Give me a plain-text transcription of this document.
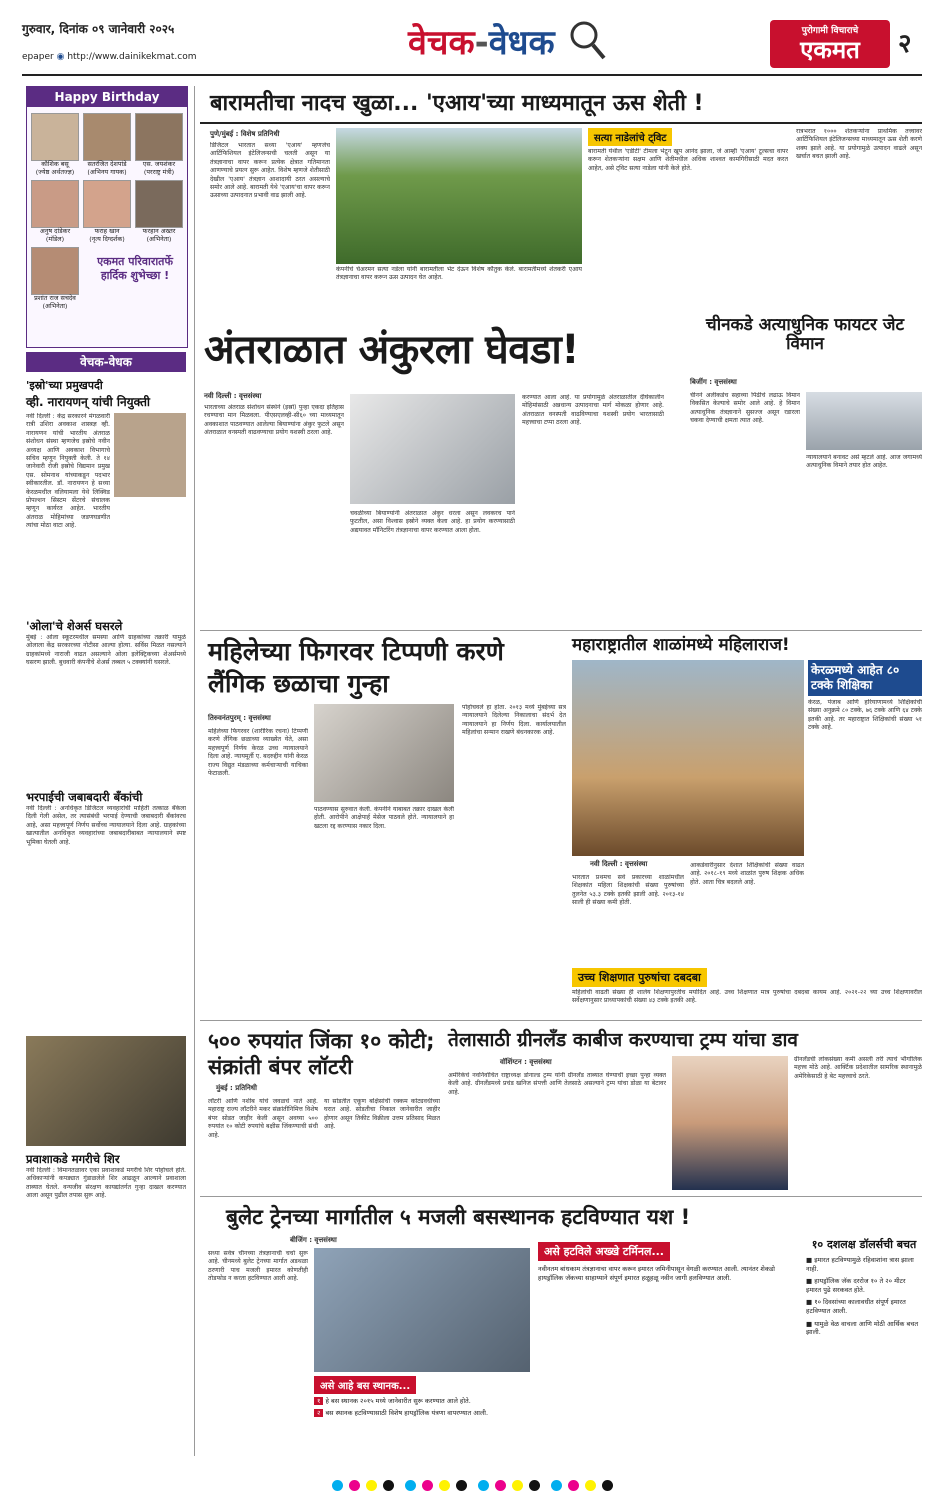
गुरुवार, दिनांक ०९ जानेवारी २०२५
epaper ◉ http://www.dainikekmat.com	वेचक-वेधक	पुरोगामी विचाराचे
एकमत	२
Happy Birthday
कौशिक बसू
(ज्येष्ठ अर्थतज्ज्ञ)
सतरंजित देशपांडे
(अभिनय गायक)
एस. जयशंकर
(परराष्ट्र मंत्री)
अनुष दांडेकर
(मॉडेल)
फराह खान
(नृत्य दिग्दर्शक)
फरहान अख्तर
(अभिनेता)
प्रशांत राज सचदेव
(अभिनेता)
एकमत परिवारातर्फे हार्दिक शुभेच्छा !
वेचक-वेधक
'इस्रो'च्या प्रमुखपदी
व्ही. नारायणन् यांची नियुक्ती
नवी दिल्ली : केंद्र सरकारने मंगळवारी रात्री उशिरा अवकाश शास्त्रज्ञ व्ही. नारायणन यांची भारतीय अंतराळ संशोधन संस्था म्हणजेच इस्रोचे नवीन अध्यक्ष आणि अवकाश विभागाचे सचिव म्हणून नियुक्ती केली. ते १४ जानेवारी रोजी इस्रोचे विद्यमान प्रमुख एस. सोमनाथ यांच्याकडून पदभार स्वीकारतील. डॉ. नारायणन हे सध्या केरळमधील वलियामला येथे लिक्विड प्रोपल्शन सिस्टम सेंटरचे संचालक म्हणून कार्यरत आहेत. भारतीय अंतराळ मोहिमांच्या जडणघडणीत त्यांचा मोठा वाटा आहे.
'ओला'चे शेअर्स घसरले
मुंबई : ओला स्कूटरमधील समस्या आणि ग्राहकांच्या तक्रारी यामुळे ओलाला केंद्र सरकारच्या नोटीसा आल्या होत्या. सर्विस मिळत नसल्याने ग्राहकांमध्ये नाराजी वाढत असल्याने ओला इलेक्ट्रिकच्या शेअर्समध्ये घसरण झाली. बुधवारी कंपनीचे शेअर्स तब्बल ५ टक्क्यांनी घसरले.
भरपाईची जबाबदारी बँकांची
नवी दिल्ली : अनधिकृत डिजिटल व्यवहारांची माहिती तत्काळ बँकेला दिली गेली असेल, तर त्यासंबंधी भरपाई देण्याची जबाबदारी बँकांवरच आहे, असा महत्त्वपूर्ण निर्णय सर्वोच्च न्यायालयाने दिला आहे. ग्राहकांच्या खात्यातील अनधिकृत व्यवहारांच्या जबाबदारीबाबत न्यायालयाने स्पष्ट भूमिका घेतली आहे.
प्रवाशाकडे मगरीचे शिर
नवी दिल्ली : विमानतळावर एका प्रवाशाकडे मगरीचे शिर पोहोचले होते. अधिकाऱ्यांनी कपड्यात गुंडाळलेले शिर आढळून आल्याने प्रवाशाला ताब्यात घेतले. वन्यजीव संरक्षण कायद्यांतर्गत गुन्हा दाखल करण्यात आला असून पुढील तपास सुरू आहे.
बारामतीचा नादच खुळा... 'एआय'च्या माध्यमातून ऊस शेती !
पुणे/मुंबई : विशेष प्रतिनिधी
डिजिटल भारतात सध्या 'एआय' म्हणजेच आर्टिफिशियल इंटेलिजन्सची चलती असून या तंत्रज्ञानाचा वापर करून प्रत्येक क्षेत्रात गतिमानता आणण्याचे प्रयत्न सुरू आहेत. विशेष म्हणजे शेतीसाठी देखील 'एआय' तंत्रज्ञान आशादायी ठरत असल्याचे समोर आले आहे. बारामती येथे 'एआय'चा वापर करून ऊसाच्या उत्पादनात प्रभावी वाढ झाली आहे.
कंपनीचे चेअरमन सत्या नडेला यांनी बारामतीला भेट देऊन विशेष कौतुक केले. बारामतीमध्ये शेतकरी एआय तंत्रज्ञानाचा वापर करून ऊस उत्पादन घेत आहेत.
सत्या नाडेलांचे ट्विट
बारामती येथील 'एडीटी' टीमला भेटून खूप आनंद झाला, जे आम्ही 'एआय' टूल्सचा वापर करून शेतकऱ्यांना सक्षम आणि शेतीमधील अधिक शाश्वत कामगिरीसाठी मदत करत आहेत, असे ट्विट सत्या नाडेला यांनी केले होते.
रात्रभरात १००० शेतकऱ्यांना प्राथमिक तत्त्वावर आर्टिफिशियल इंटेलिजन्सच्या माध्यमातून ऊस शेती करणे शक्य झाले आहे. या प्रयोगामुळे उत्पादन वाढले असून खर्चात बचत झाली आहे.
अंतराळात अंकुरला घेवडा!
नवी दिल्ली : वृत्तसंस्था
भारताच्या अंतराळ संशोधन संस्थेने (इस्रो) पुन्हा एकदा इतिहास रचण्याचा मान मिळवला. पीएसएलव्ही-सी६० च्या माध्यमातून अवकाशात पाठवण्यात आलेल्या बियाण्यांना अंकुर फुटले असून अंतराळात वनस्पती वाढवण्याचा प्रयोग यशस्वी ठरला आहे.
चवळीच्या बियाण्यांनी अंतराळात अंकुर धरला असून लवकरच पाने फुटतील, असा विश्वास इस्रोने व्यक्त केला आहे. हा प्रयोग करण्यासाठी अद्ययावत मॉनिटरिंग तंत्रज्ञानाचा वापर करण्यात आला होता.
करण्यात आला आहे. या प्रयोगामुळे अंतराळातील दीर्घकालीन मोहिमांसाठी अन्नधान्य उत्पादनाचा मार्ग मोकळा होणार आहे. अंतराळात वनस्पती वाढविण्याचा यशस्वी प्रयोग भारतासाठी महत्त्वाचा टप्पा ठरला आहे.
चीनकडे अत्याधुनिक फायटर जेट विमान
बिजींग : वृत्तसंस्था
चीनने अलीकडेच सहाव्या पिढीचे लढाऊ विमान विकसित केल्याचे समोर आले आहे. हे विमान अत्याधुनिक तंत्रज्ञानाने सुसज्ज असून रडारला चकवा देण्याची क्षमता त्यात आहे.
न्यायालयाने बनावट असे म्हटले आहे. आज जगामध्ये अत्याधुनिक विमाने तयार होत आहेत.
महिलेच्या फिगरवर टिप्पणी करणे लैंगिक छळाचा गुन्हा
तिरुवनंतपुरम् : वृत्तसंस्था
महिलेच्या फिगरवर (शारीरिक रचना) टिप्पणी करणे लैंगिक छळाच्या व्याख्येत येते, असा महत्त्वपूर्ण निर्णय केरळ उच्च न्यायालयाने दिला आहे. न्यायमूर्ती ए. बदरुद्दीन यांनी केरळ राज्य विद्युत मंडळाच्या कर्मचाऱ्याची याचिका फेटाळली.
पाठवण्यास सुरुवात केली. कंपनीने याबाबत तक्रार दाखल केली होती. आरोपीने आक्षेपार्ह मेसेज पाठवले होते. न्यायालयाने हा खटला रद्द करण्यास नकार दिला.
पोहोचवले हा होता. २०१३ मध्ये मुंबईच्या सत्र न्यायालयाने दिलेल्या निकालाचा संदर्भ देत न्यायालयाने हा निर्णय दिला. कार्यालयातील महिलांचा सन्मान राखणे बंधनकारक आहे.
महाराष्ट्रातील शाळांमध्ये महिलाराज!
केरळमध्ये आहेत ८० टक्के शिक्षिका
केरळ, पंजाब आणि हरियाणामध्ये शिक्षिकांची संख्या अनुक्रमे ८० टक्के, ७६ टक्के आणि ६४ टक्के इतकी आहे. तर महाराष्ट्रात शिक्षिकांची संख्या ५१ टक्के आहे.
नवी दिल्ली : वृत्तसंस्था
भारतात प्रथमच सर्व प्रकारच्या शाळांमधील शिक्षकांत महिला शिक्षकांची संख्या पुरुषांच्या तुलनेत ५३.३ टक्के इतकी झाली आहे. २०१३-१४ साली ही संख्या कमी होती.
आकडेवारीनुसार देशात शिक्षिकांची संख्या वाढत आहे. २०१८-१९ मध्ये शाळांत पुरुष शिक्षक अधिक होते. आता चित्र बदलले आहे.
उच्च शिक्षणात पुरुषांचा दबदबा
महिलांची वाढती संख्या ही शालेय शिक्षणापुरतीच मर्यादित आहे. उच्च शिक्षणात मात्र पुरुषांचा दबदबा कायम आहे. २०२१-२२ च्या उच्च शिक्षणावरील सर्वेक्षणानुसार प्राध्यापकांची संख्या ४३ टक्के इतकी आहे.
५०० रुपयांत जिंका १० कोटी; संक्रांती बंपर लॉटरी
मुंबई : प्रतिनिधी
लॉटरी आणि नशीब यांचे जवळचे नाते आहे. महाराष्ट्र राज्य लॉटरीने मकर संक्रांतीनिमित्त विशेष बंपर सोडत जाहीर केली असून अवघ्या ५०० रुपयांत १० कोटी रुपयांचे बक्षीस जिंकण्याची संधी आहे.
या सोडतीत एकूण बक्षिसांची रक्कम कोट्यवधींच्या घरात आहे. सोडतीचा निकाल जानेवारीत जाहीर होणार असून तिकीट विक्रीला उत्तम प्रतिसाद मिळत आहे.
तेलासाठी ग्रीनलँड काबीज करण्याचा ट्रम्प यांचा डाव
वॉशिंग्टन : वृत्तसंस्था
अमेरिकेचे नवनिर्वाचित राष्ट्राध्यक्ष डोनाल्ड ट्रम्प यांनी ग्रीनलँड ताब्यात घेण्याची इच्छा पुन्हा व्यक्त केली आहे. ग्रीनलँडमध्ये प्रचंड खनिज संपत्ती आणि तेलसाठे असल्याने ट्रम्प यांचा डोळा या बेटावर आहे.
ग्रीनलँडची लोकसंख्या कमी असली तरी त्याचे भौगोलिक महत्त्व मोठे आहे. आर्क्टिक प्रदेशातील सामरिक स्थानामुळे अमेरिकेसाठी हे बेट महत्त्वाचे ठरते.
बुलेट ट्रेनच्या मार्गातील ५ मजली बसस्थानक हटविण्यात यश !
बीजिंग : वृत्तसंस्था
सध्या सर्वत्र चीनच्या तंत्रज्ञानाची चर्चा सुरू आहे. चीनमध्ये बुलेट ट्रेनच्या मार्गात अडथळा ठरणारी पाच मजली इमारत कोणतीही तोडफोड न करता हटविण्यात आली आहे.
असे आहे बस स्थानक...
१ हे बस स्थानक २०१५ मध्ये जानेवारीत सुरू करण्यात आले होते.
२ बस स्थानक हटविण्यासाठी विशेष हायड्रॉलिक यंत्रणा वापरण्यात आली.
असे हटविले अख्खे टर्मिनल...
नवीनतम बांधकाम तंत्रज्ञानाचा वापर करून इमारत जमिनीपासून वेगळी करण्यात आली. त्यानंतर शेकडो हायड्रॉलिक जॅकच्या साहाय्याने संपूर्ण इमारत हळूहळू नवीन जागी हलविण्यात आली.
१० दशलक्ष डॉलर्सची बचत
■ इमारत हटविण्यामुळे रहिवाशांना त्रास झाला नाही.
■ हायड्रॉलिक जॅक दररोज १० ते २० मीटर इमारत पुढे सरकवत होते.
■ १० दिवसांच्या कालावधीत संपूर्ण इमारत हटविण्यात आली.
■ यामुळे वेळ वाचला आणि मोठी आर्थिक बचत झाली.
